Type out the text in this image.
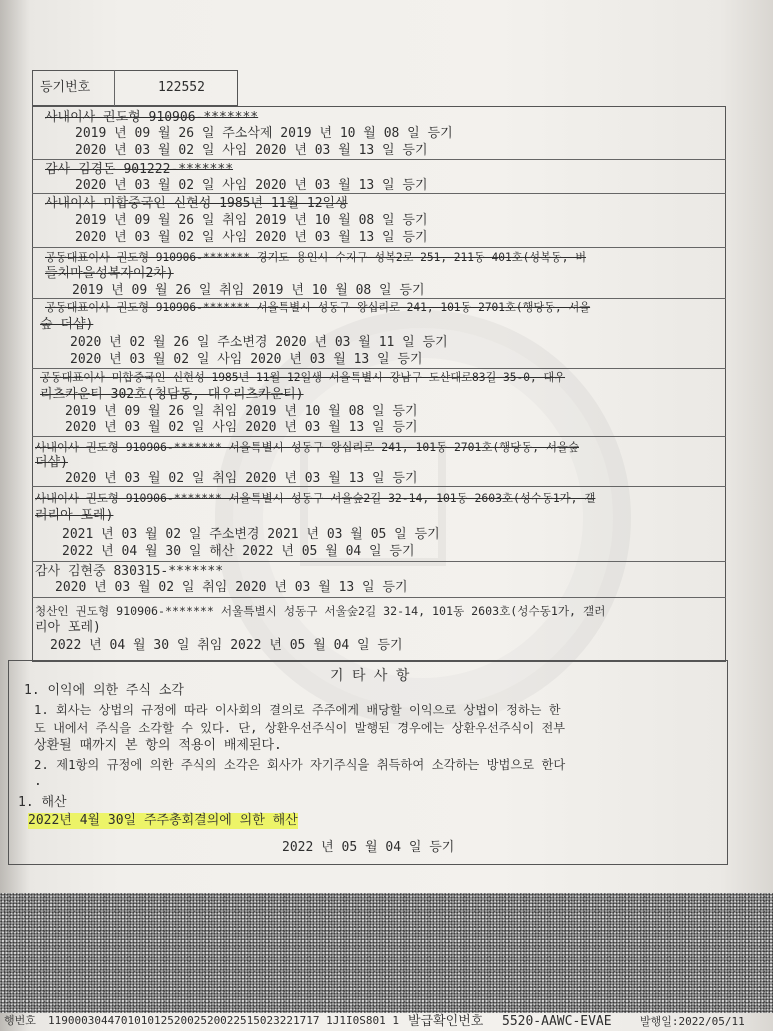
등기번호	122552
사내이사 권도형 910906-*******
2019 년 09 월 26 일 주소삭제 2019 년 10 월 08 일 등기
2020 년 03 월 02 일 사임 2020 년 03 월 13 일 등기
감사 김경돈 901222-*******
2020 년 03 월 02 일 사임 2020 년 03 월 13 일 등기
사내이사 미합중국인 신현성 1985년 11월 12일생
2019 년 09 월 26 일 취임 2019 년 10 월 08 일 등기
2020 년 03 월 02 일 사임 2020 년 03 월 13 일 등기
공동대표이사 권도형 910906-******* 경기도 용인시 수지구 성복2로 251, 211동 401호(성복동, 버
들치마을성복자이2차)
2019 년 09 월 26 일 취임 2019 년 10 월 08 일 등기
공동대표이사 권도형 910906-******* 서울특별시 성동구 왕십리로 241, 101동 2701호(행당동, 서울
숲 더샵)
2020 년 02 월 26 일 주소변경 2020 년 03 월 11 일 등기
2020 년 03 월 02 일 사임 2020 년 03 월 13 일 등기
공동대표이사 미합중국인 신현성 1985년 11월 12일생 서울특별시 강남구 도산대로83길 35-0, 대우
리츠카운티 302호(청담동, 대우리츠카운티)
2019 년 09 월 26 일 취임 2019 년 10 월 08 일 등기
2020 년 03 월 02 일 사임 2020 년 03 월 13 일 등기
사내이사 권도형 910906-******* 서울특별시 성동구 왕십리로 241, 101동 2701호(행당동, 서울숲
더샵)
2020 년 03 월 02 일 취임 2020 년 03 월 13 일 등기
사내이사 권도형 910906-******* 서울특별시 성동구 서울숲2길 32-14, 101동 2603호(성수동1가, 갤
러리아 포레)
2021 년 03 월 02 일 주소변경 2021 년 03 월 05 일 등기
2022 년 04 월 30 일 해산 2022 년 05 월 04 일 등기
감사 김현중 830315-*******
2020 년 03 월 02 일 취임 2020 년 03 월 13 일 등기
청산인 권도형 910906-******* 서울특별시 성동구 서울숲2길 32-14, 101동 2603호(성수동1가, 갤러
리아 포레)
2022 년 04 월 30 일 취임 2022 년 05 월 04 일 등기
기 타 사 항
1. 이익에 의한 주식 소각
1. 회사는 상법의 규정에 따라 이사회의 결의로 주주에게 배당할 이익으로 상법이 정하는 한
도 내에서 주식을 소각할 수 있다. 단, 상환우선주식이 발행된 경우에는 상환우선주식이 전부
상환될 때까지 본 항의 적용이 배제된다.
2. 제1항의 규정에 의한 주식의 소각은 회사가 자기주식을 취득하여 소각하는 방법으로 한다
.
1. 해산
2022년 4월 30일 주주총회결의에 의한 해산
2022 년 05 월 04 일 등기
행번호 11900030447010101252002520022515023221717 1J1I0S801 1 발급확인번호 5520-AAWC-EVAE	발행일:2022/05/11
